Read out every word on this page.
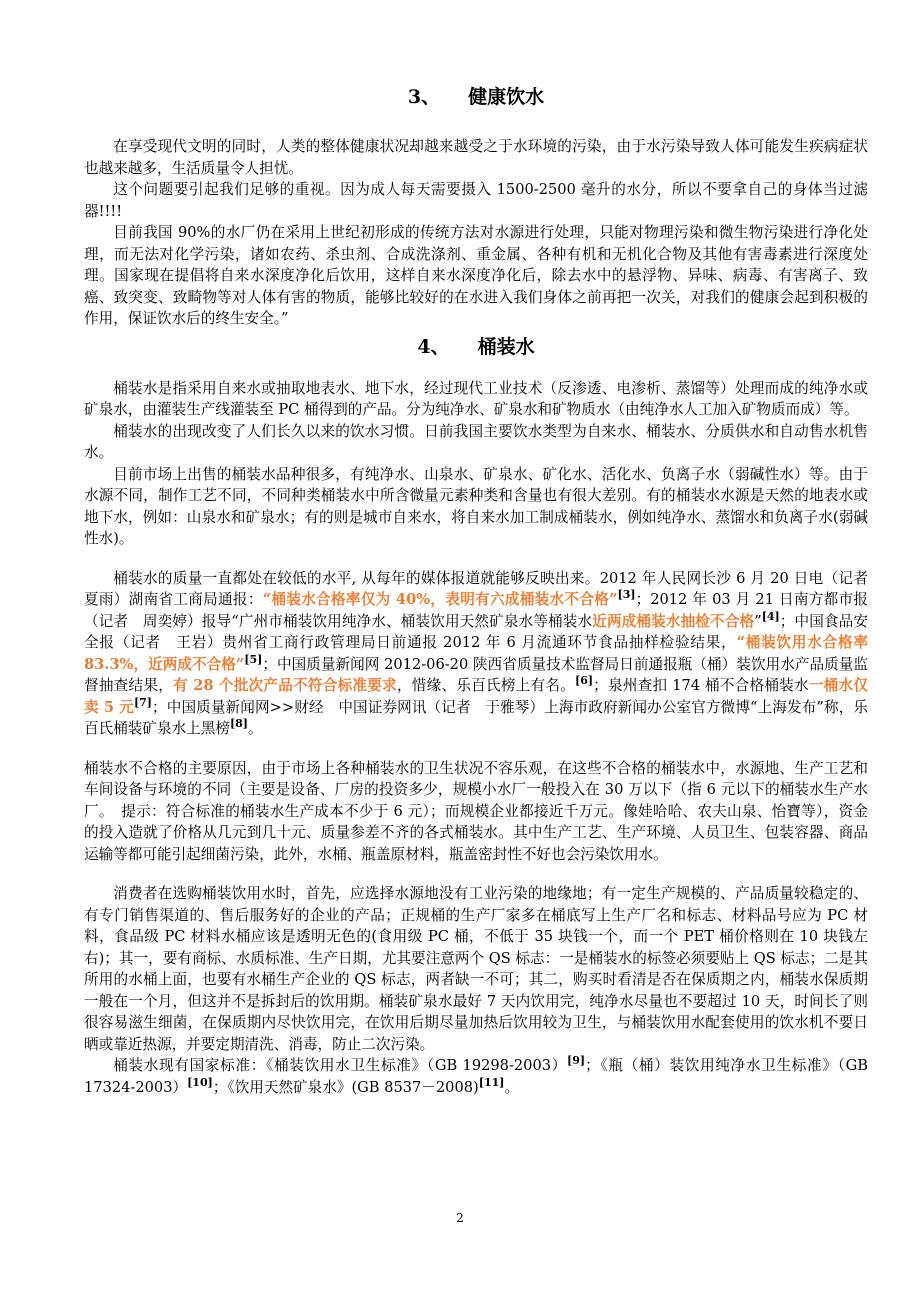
3、 健康饮水

在享受现代文明的同时，人类的整体健康状况却越来越受之于水环境的污染，由于水污染导致人体可能发生疾病症状也越来越多，生活质量令人担忧。

这个问题要引起我们足够的重视。因为成人每天需要摄入 1500-2500 毫升的水分，所以不要拿自己的身体当过滤器!!!!

目前我国 90%的水厂仍在采用上世纪初形成的传统方法对水源进行处理，只能对物理污染和微生物污染进行净化处理，而无法对化学污染，诸如农药、杀虫剂、合成洗涤剂、重金属、各种有机和无机化合物及其他有害毒素进行深度处理。国家现在提倡将自来水深度净化后饮用，这样自来水深度净化后，除去水中的悬浮物、异味、病毒、有害离子、致癌、致突变、致畸物等对人体有害的物质，能够比较好的在水进入我们身体之前再把一次关，对我们的健康会起到积极的作用，保证饮水后的终生安全。”

4、 桶装水

桶装水是指采用自来水或抽取地表水、地下水，经过现代工业技术（反渗透、电渗析、蒸馏等）处理而成的纯净水或矿泉水，由灌装生产线灌装至 PC 桶得到的产品。分为纯净水、矿泉水和矿物质水（由纯净水人工加入矿物质而成）等。

桶装水的出现改变了人们长久以来的饮水习惯。日前我国主要饮水类型为自来水、桶装水、分质供水和自动售水机售水。

目前市场上出售的桶装水品种很多，有纯净水、山泉水、矿泉水、矿化水、活化水、负离子水（弱碱性水）等。由于水源不同，制作工艺不同，不同种类桶装水中所含微量元素种类和含量也有很大差别。有的桶装水水源是天然的地表水或地下水，例如：山泉水和矿泉水；有的则是城市自来水，将自来水加工制成桶装水，例如纯净水、蒸馏水和负离子水(弱碱性水)。

桶装水的质量一直都处在较低的水平, 从每年的媒体报道就能够反映出来。2012 年人民网长沙 6 月 20 日电（记者　夏雨）湖南省工商局通报：“桶装水合格率仅为 40%，表明有六成桶装水不合格”[3]；2012 年 03 月 21 日南方都市报（记者　周奕婷）报导“广州市桶装饮用纯净水、桶装饮用天然矿泉水等桶装水近两成桶装水抽检不合格”[4]；中国食品安全报（记者　王岩）贵州省工商行政管理局日前通报 2012 年 6 月流通环节食品抽样检验结果，“桶装饮用水合格率 83.3%，近两成不合格”[5]；中国质量新闻网 2012-06-20 陕西省质量技术监督局日前通报瓶（桶）装饮用水产品质量监督抽查结果，有 28 个批次产品不符合标准要求，惜缘、乐百氏榜上有名。[6]；泉州查扣 174 桶不合格桶装水一桶水仅卖 5 元[7]；中国质量新闻网>>财经　中国证券网讯（记者　于雅琴）上海市政府新闻办公室官方微博“上海发布”称，乐百氏桶装矿泉水上黑榜[8]。

桶装水不合格的主要原因，由于市场上各种桶装水的卫生状况不容乐观，在这些不合格的桶装水中，水源地、生产工艺和车间设备与环境的不同（主要是设备、厂房的投资多少，规模小水厂一般投入在 30 万以下（指 6 元以下的桶装水生产水厂。　提示：符合标准的桶装水生产成本不少于 6 元）；而规模企业都接近千万元。像娃哈哈、农夫山泉、怡寶等），资金的投入造就了价格从几元到几十元、质量参差不齐的各式桶装水。其中生产工艺、生产环境、人员卫生、包装容器、商品运输等都可能引起细菌污染，此外，水桶、瓶盖原材料，瓶盖密封性不好也会污染饮用水。

消费者在选购桶装饮用水时，首先，应选择水源地没有工业污染的地缘地；有一定生产规模的、产品质量较稳定的、有专门销售渠道的、售后服务好的企业的产品；正规桶的生产厂家多在桶底写上生产厂名和标志、材料品号应为 PC 材料，食品级 PC 材料水桶应该是透明无色的(食用级 PC 桶，不低于 35 块钱一个，而一个 PET 桶价格则在 10 块钱左右)；其一，要有商标、水质标准、生产日期，尤其要注意两个 QS 标志：一是桶装水的标签必须要贴上 QS 标志；二是其所用的水桶上面，也要有水桶生产企业的 QS 标志，两者缺一不可；其二，购买时看清是否在保质期之内，桶装水保质期一般在一个月，但这并不是拆封后的饮用期。桶装矿泉水最好 7 天内饮用完，纯净水尽量也不要超过 10 天，时间长了则很容易滋生细菌，在保质期内尽快饮用完，在饮用后期尽量加热后饮用较为卫生，与桶装饮用水配套使用的饮水机不要日晒或靠近热源，并要定期清洗、消毒，防止二次污染。

桶装水现有国家标准：《桶装饮用水卫生标准》（GB 19298-2003）[9]；《瓶（桶）装饮用纯净水卫生标准》（GB 17324-2003）[10]；《饮用天然矿泉水》(GB 8537－2008)[11]。

2
